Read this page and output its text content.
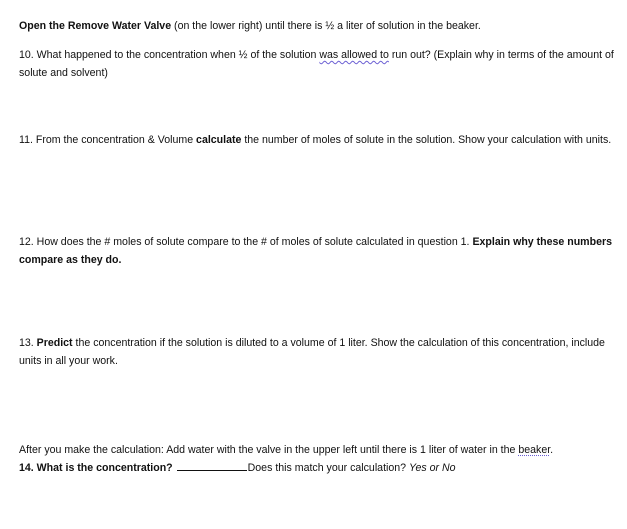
Open the Remove Water Valve (on the lower right) until there is ½ a liter of solution in the beaker.
10. What happened to the concentration when ½ of the solution was allowed to run out? (Explain why in terms of the amount of solute and solvent)
11. From the concentration & Volume calculate the number of moles of solute in the solution. Show your calculation with units.
12. How does the # moles of solute compare to the # of moles of solute calculated in question 1. Explain why these numbers compare as they do.
13. Predict the concentration if the solution is diluted to a volume of 1 liter. Show the calculation of this concentration, include units in all your work.
After you make the calculation: Add water with the valve in the upper left until there is 1 liter of water in the beaker.
14. What is the concentration?	Does this match your calculation? Yes or No
